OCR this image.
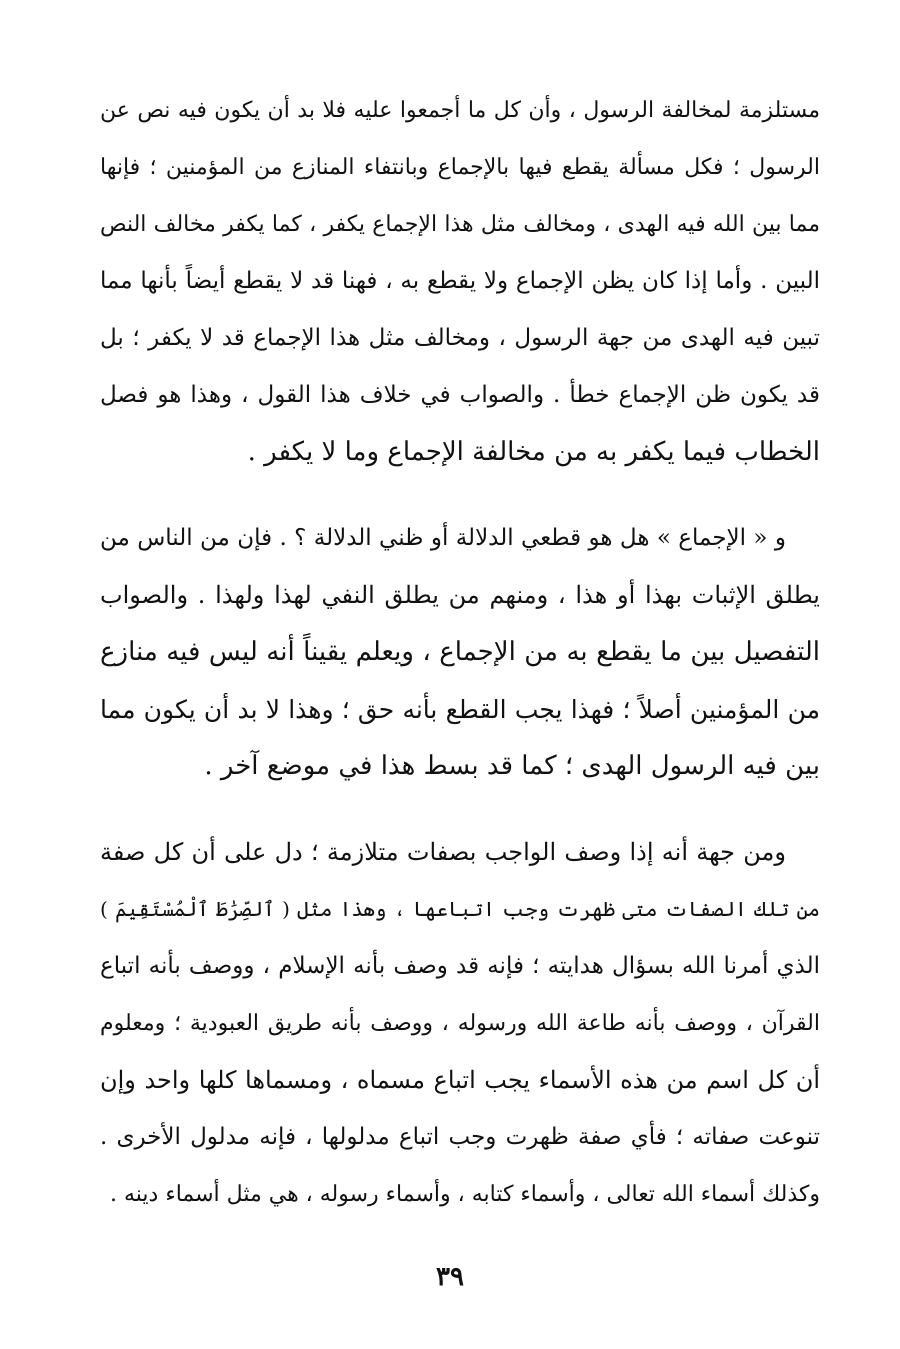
مستلزمة لمخالفة الرسول ، وأن كل ما أجمعوا عليه فلا بد أن يكون فيه نص عن
الرسول ؛ فكل مسألة يقطع فيها بالإجماع وبانتفاء المنازع من المؤمنين ؛ فإنها
مما بين الله فيه الهدى ، ومخالف مثل هذا الإجماع يكفر ، كما يكفر مخالف النص
البين . وأما إذا كان يظن الإجماع ولا يقطع به ، فهنا قد لا يقطع أيضاً بأنها مما
تبين فيه الهدى من جهة الرسول ، ومخالف مثل هذا الإجماع قد لا يكفر ؛ بل
قد يكون ظن الإجماع خطأ . والصواب في خلاف هذا القول ، وهذا هو فصل
الخطاب فيما يكفر به من مخالفة الإجماع وما لا يكفر .
و « الإجماع » هل هو قطعي الدلالة أو ظني الدلالة ؟ . فإن من الناس من
يطلق الإثبات بهذا أو هذا ، ومنهم من يطلق النفي لهذا ولهذا . والصواب
التفصيل بين ما يقطع به من الإجماع ، ويعلم يقيناً أنه ليس فيه منازع
من المؤمنين أصلاً ؛ فهذا يجب القطع بأنه حق ؛ وهذا لا بد أن يكون مما
بين فيه الرسول الهدى ؛ كما قد بسط هذا في موضع آخر .
ومن جهة أنه إذا وصف الواجب بصفات متلازمة ؛ دل على أن كل صفة
من تلك الصفات متى ظهرت وجب اتباعها ، وهذا مثل ( ٱلصِّرَٰطَ ٱلْمُسْتَقِيمَ )
الذي أمرنا الله بسؤال هدايته ؛ فإنه قد وصف بأنه الإسلام ، ووصف بأنه اتباع
القرآن ، ووصف بأنه طاعة الله ورسوله ، ووصف بأنه طريق العبودية ؛ ومعلوم
أن كل اسم من هذه الأسماء يجب اتباع مسماه ، ومسماها كلها واحد وإن
تنوعت صفاته ؛ فأي صفة ظهرت وجب اتباع مدلولها ، فإنه مدلول الأخرى .
وكذلك أسماء الله تعالى ، وأسماء كتابه ، وأسماء رسوله ، هي مثل أسماء دينه .
٣٩
